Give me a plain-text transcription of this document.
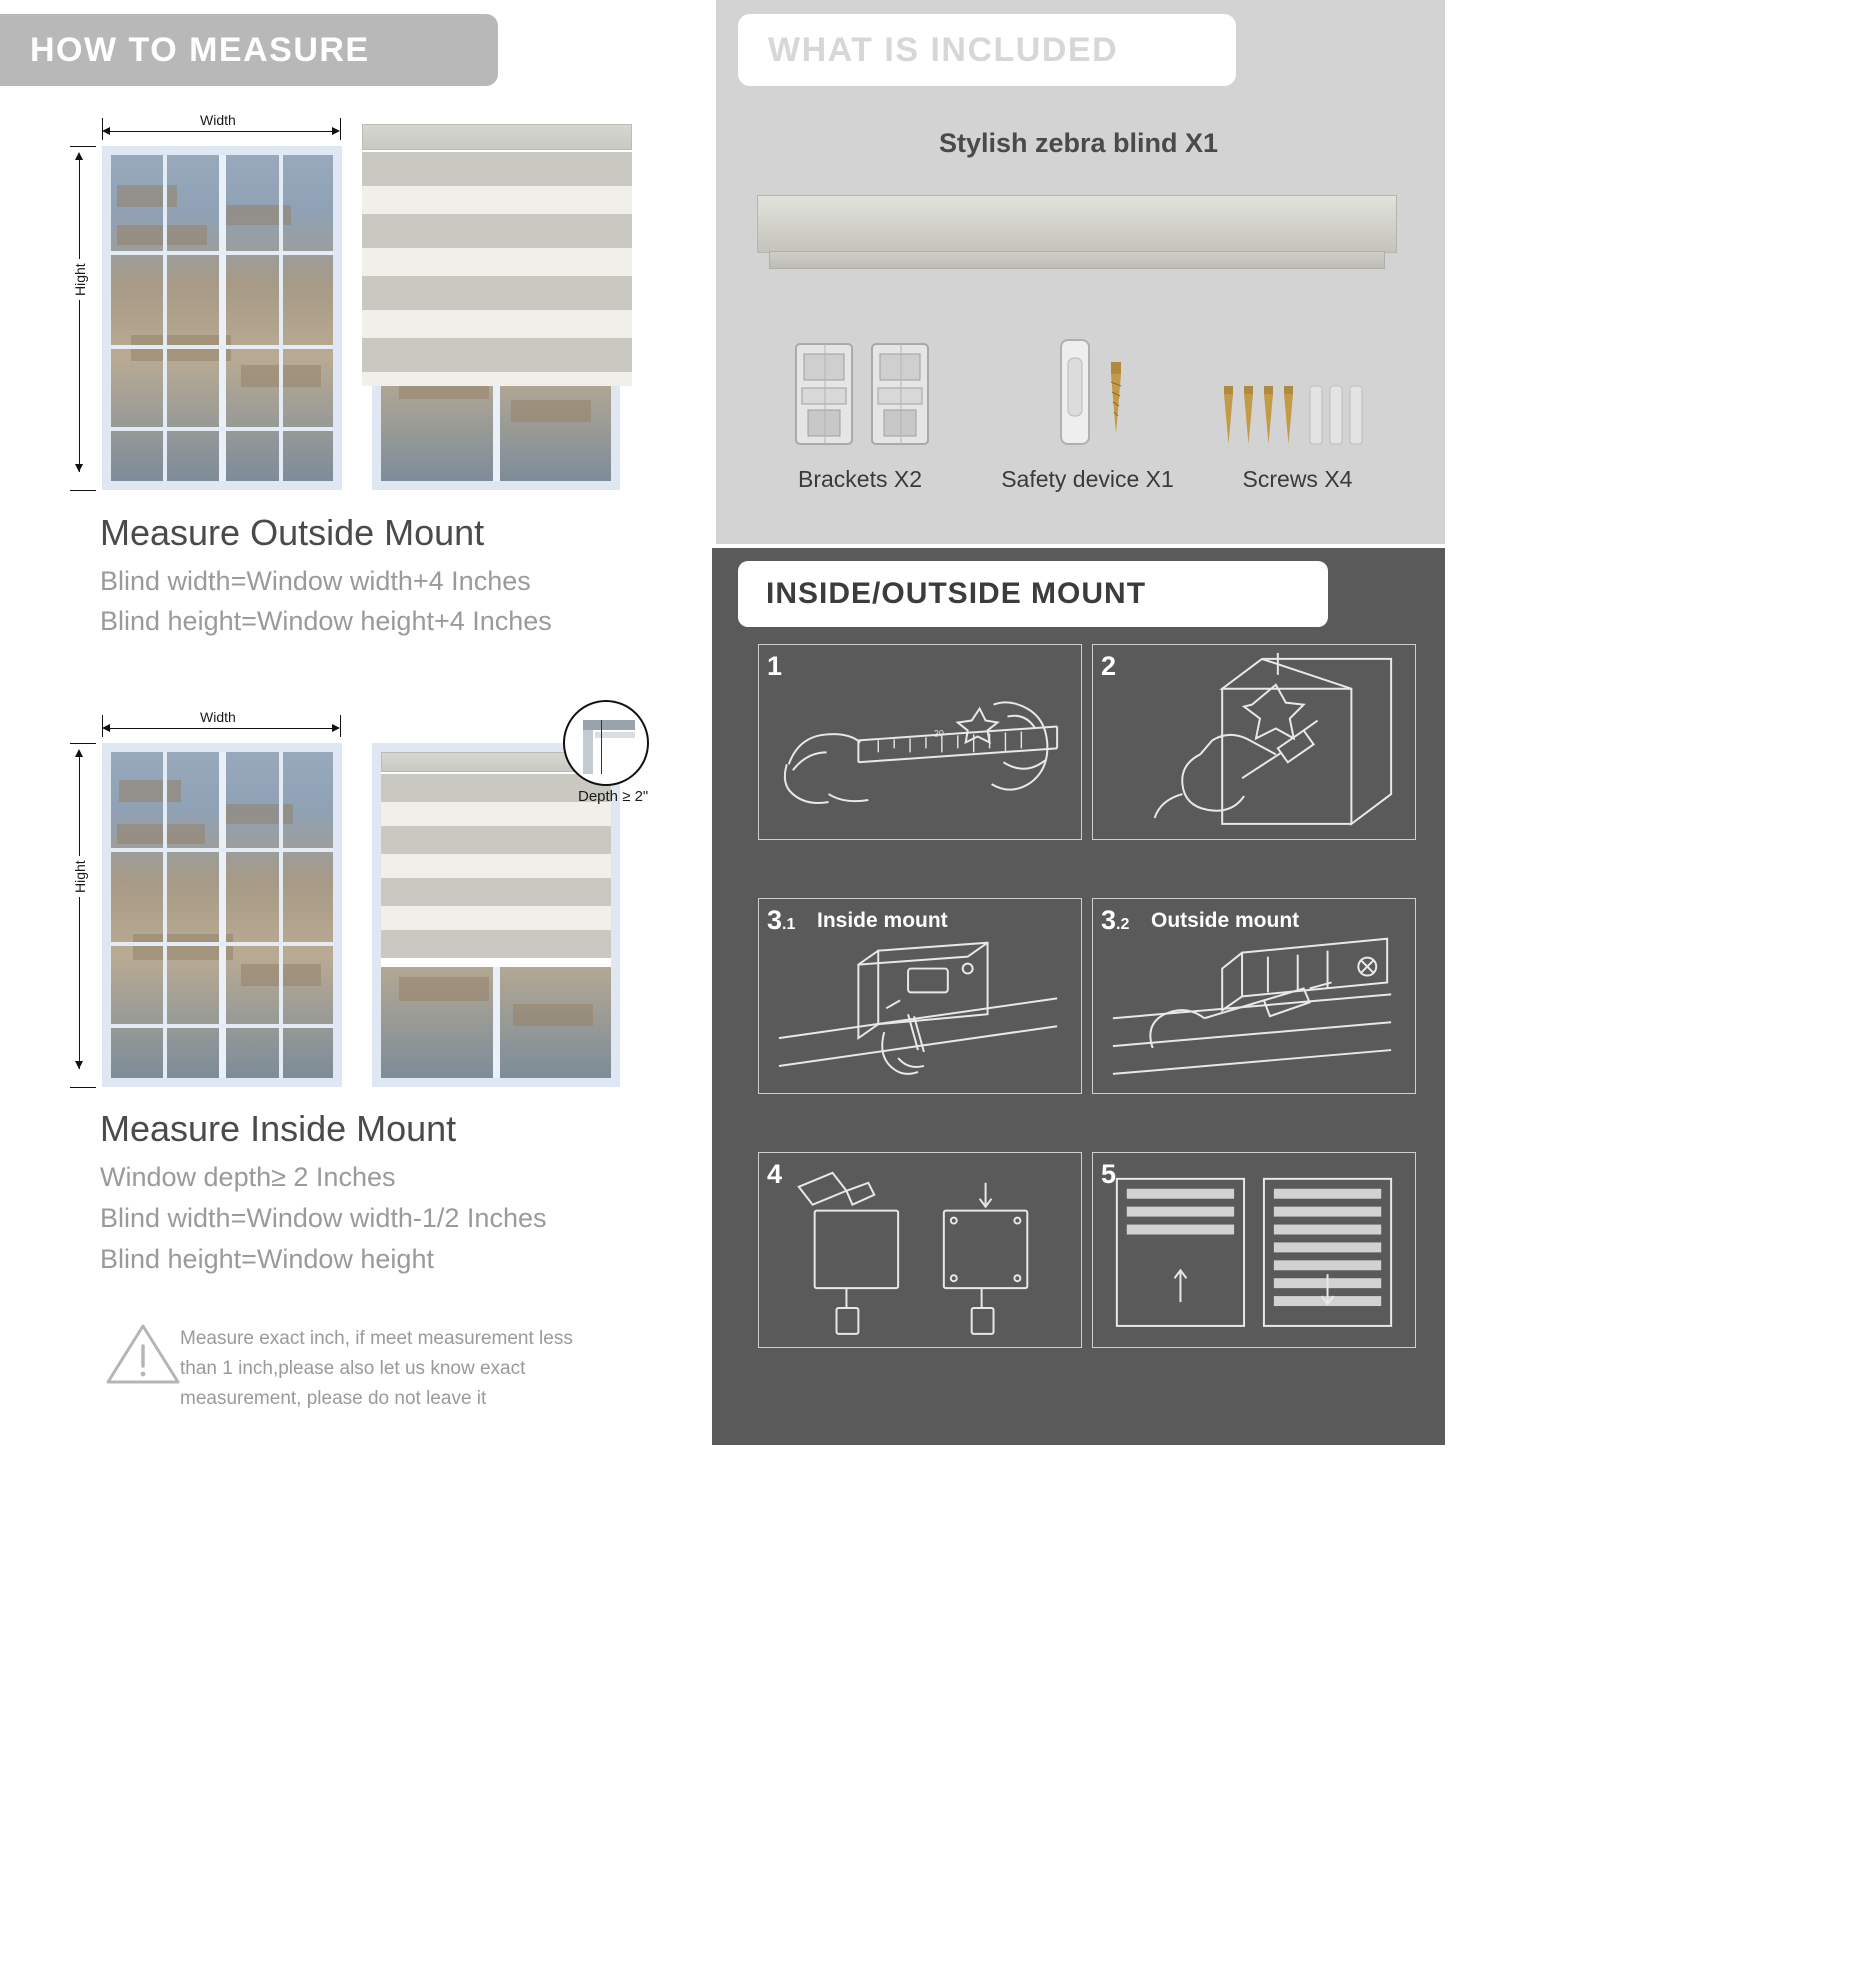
HOW TO MEASURE
Width
Hight
Measure Outside Mount
Blind width=Window width+4 Inches
Blind height=Window height+4 Inches
Width
Hight
Depth ≥ 2"
Measure Inside Mount
Window depth≥ 2 Inches
Blind width=Window width-1/2 Inches
Blind height=Window height
Measure exact inch, if meet measurement less
than 1 inch,please also let us know exact
measurement, please do not leave it
WHAT IS INCLUDED
Stylish zebra blind X1
Brackets X2	Safety device X1	Screws X4
INSIDE/OUTSIDE MOUNT
1
20
Mark install loca- tions
2
Punch at marked position
3.1 Inside mount
Drill holes & Inside bracket
3.2 Outside mount
Drill holes & Inside bracket
4
Install the blind
5
Finish
